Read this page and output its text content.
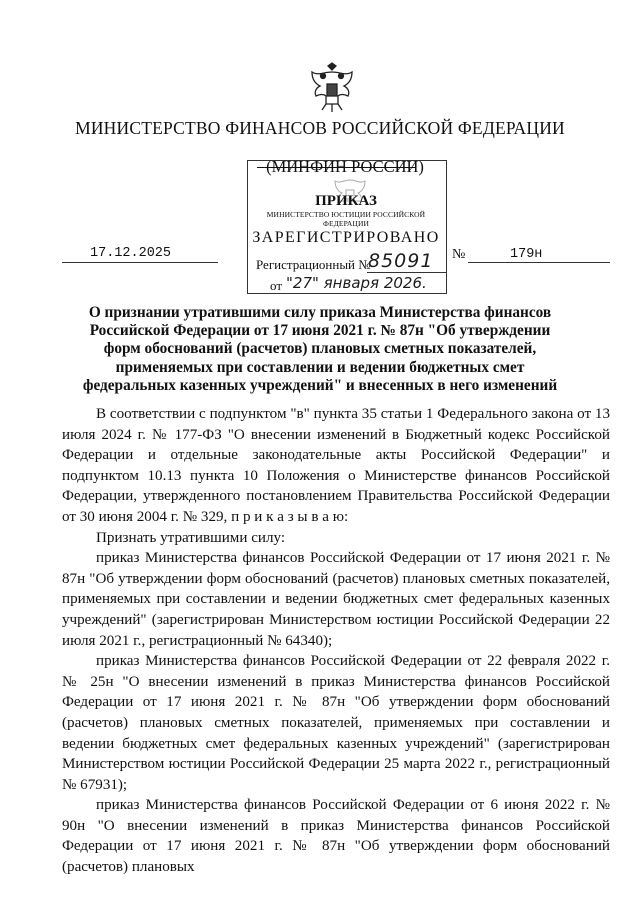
МИНИСТЕРСТВО ФИНАНСОВ РОССИЙСКОЙ ФЕДЕРАЦИИ
(МИНФИН РОССИИ)
ПРИКАЗ
МИНИСТЕРСТВО ЮСТИЦИИ РОССИЙСКОЙ ФЕДЕРАЦИИ
ЗАРЕГИСТРИРОВАНО
Регистрационный №
85091
от "27" января 2026.
17.12.2025	№	179н
О признании утратившими силу приказа Министерства финансов Российской Федерации от 17 июня 2021 г. № 87н "Об утверждении форм обоснований (расчетов) плановых сметных показателей, применяемых при составлении и ведении бюджетных смет федеральных казенных учреждений" и внесенных в него изменений

В соответствии с подпунктом "в" пункта 35 статьи 1 Федерального закона от 13 июля 2024 г. № 177-ФЗ "О внесении изменений в Бюджетный кодекс Российской Федерации и отдельные законодательные акты Российской Федерации" и подпунктом 10.13 пункта 10 Положения о Министерстве финансов Российской Федерации, утвержденного постановлением Правительства Российской Федерации от 30 июня 2004 г. № 329, п р и к а з ы в а ю:

Признать утратившими силу:

приказ Министерства финансов Российской Федерации от 17 июня 2021 г. № 87н "Об утверждении форм обоснований (расчетов) плановых сметных показателей, применяемых при составлении и ведении бюджетных смет федеральных казенных учреждений" (зарегистрирован Министерством юстиции Российской Федерации 22 июля 2021 г., регистрационный № 64340);

приказ Министерства финансов Российской Федерации от 22 февраля 2022 г. № 25н "О внесении изменений в приказ Министерства финансов Российской Федерации от 17 июня 2021 г. № 87н "Об утверждении форм обоснований (расчетов) плановых сметных показателей, применяемых при составлении и ведении бюджетных смет федеральных казенных учреждений" (зарегистрирован Министерством юстиции Российской Федерации 25 марта 2022 г., регистрационный № 67931);

приказ Министерства финансов Российской Федерации от 6 июня 2022 г. № 90н "О внесении изменений в приказ Министерства финансов Российской Федерации от 17 июня 2021 г. № 87н "Об утверждении форм обоснований (расчетов) плановых
